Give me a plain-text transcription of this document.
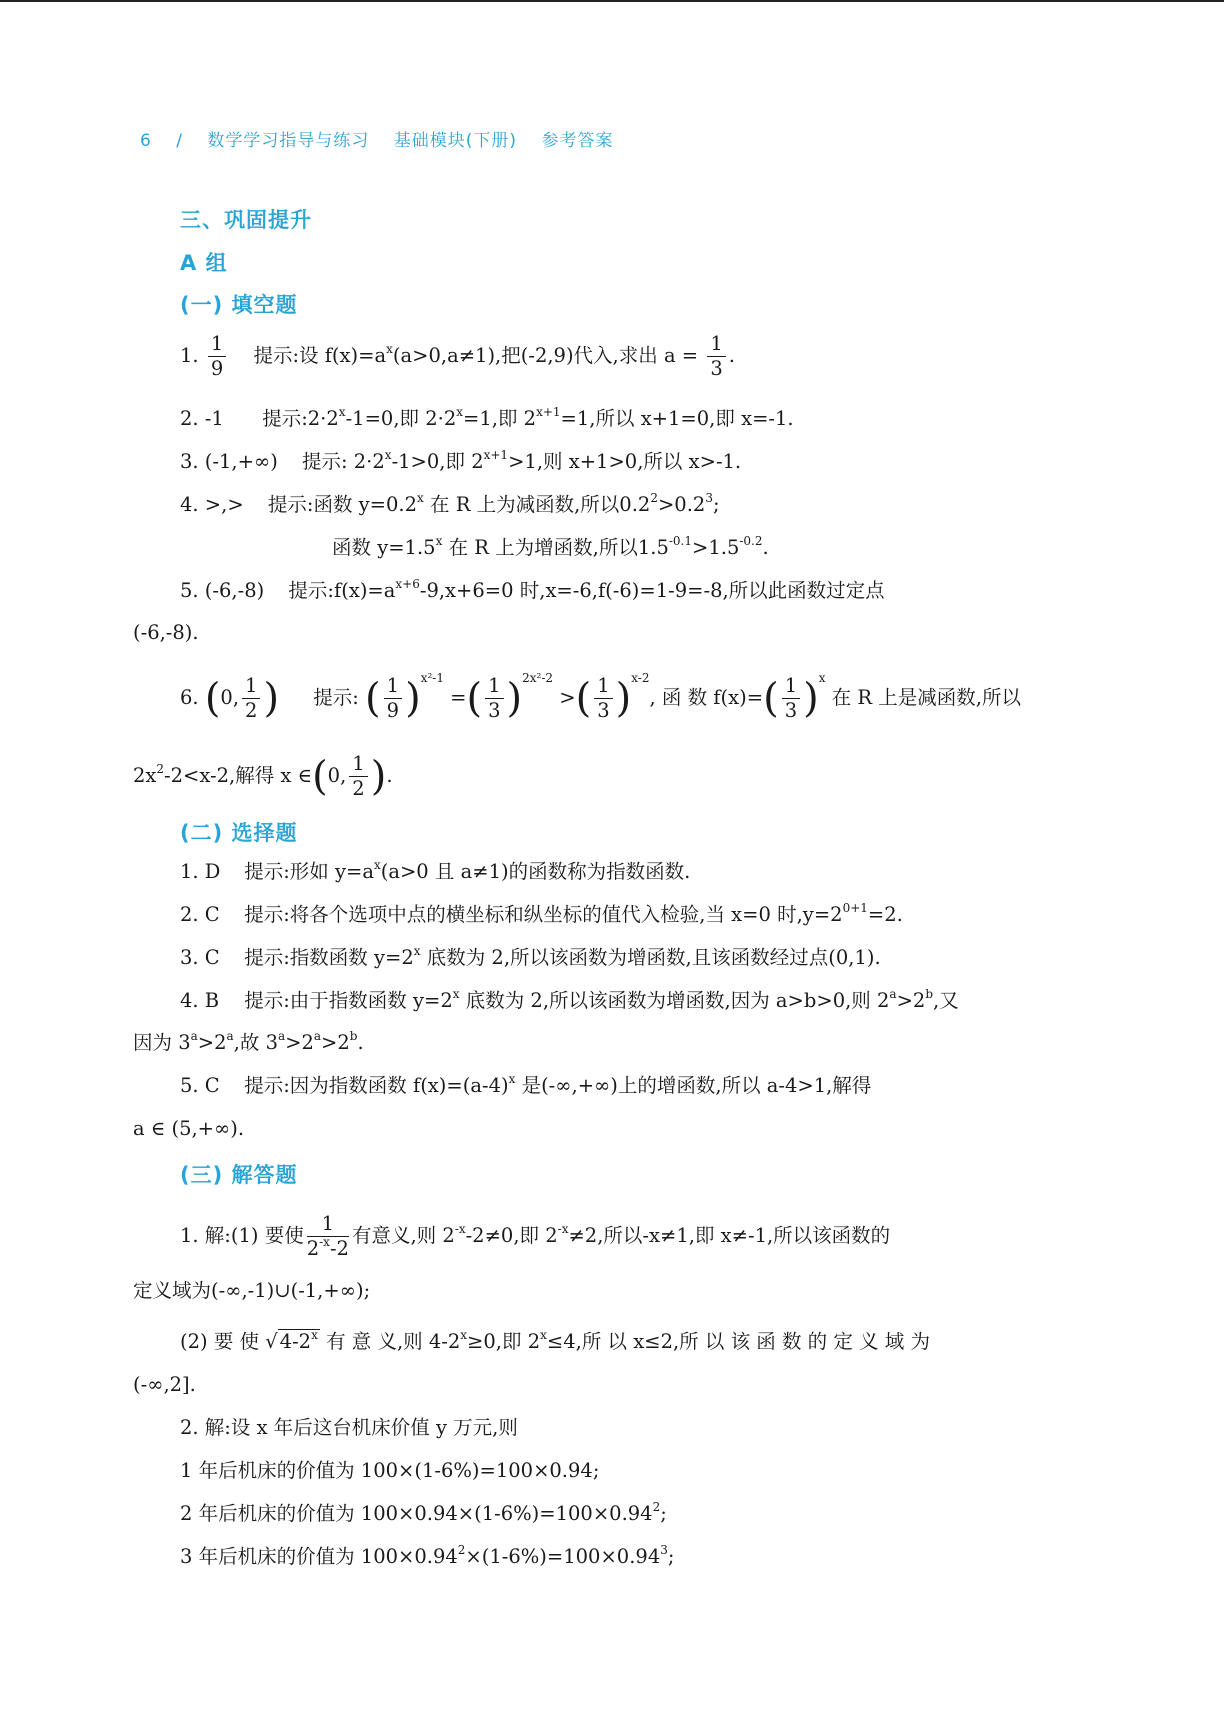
6 / 数学学习指导与练习 基础模块(下册) 参考答案
三、巩固提升
A 组
(一) 填空题
1. $\frac{1}{9}$ 提示:设 $f(x)=a^x(a>0,a\ne 1)$,把(-2,9)代入,求出 $a = \frac{1}{3}$ .
2. -1 提示$:2\cdot 2^x-1=0$,即 $2\cdot 2^x=1$,即 $2^{x+1}=1$,所以 x+1=0,即 x=-1.
3. (-1,+∞) 提示: $2\cdot 2^x-1>0$,即 $2^{x+1}>1$,则 x+1>0,所以 x>-1.
4. >,> 提示:函数 $y=0.2^x$ 在 R 上为减函数,所以$0.2^2>0.2^3$;
函数 $y=1.5^x$ 在 R 上为增函数,所以$1.5^{-0.1}>1.5^{-0.2}$.
5. (-6,-8) 提示$:f(x)=a^{x+6}-9,x+6=0$ 时,x=-6,f(-6)=1-9=-8,所以此函数过定点
(-6,-8).
6. (0, $\frac{1}{2}$ ) 提示: ( $\frac{1}{9} )^{x^2-1}$ =( $\frac{1}{3} )^{2x^2-2}$ >( $\frac{1}{3} )^{x-2}$, 函 数 $f(x)=( \frac{1}{3} )^x$ 在 R 上是减函数,所以
$2x^2-2<x-2$,解得 x ∈(0, $\frac{1}{2}$ ).
(二) 选择题
1. D 提示:形如 $y=a^x(a>0$ 且 a≠1)的函数称为指数函数.
2. C 提示:将各个选项中点的横坐标和纵坐标的值代入检验,当 x=0 时$,y=2^{0+1}=2$.
3. C 提示:指数函数 $y=2^x$ 底数为 2,所以该函数为增函数,且该函数经过点(0,1).
4. B 提示:由于指数函数 $y=2^x$ 底数为 2,所以该函数为增函数,因为 a>b>0,则 $2^a>2^b$,又
因为 $3^a>2^a$,故 $3^a>2^a>2^b$.
5. C 提示:因为指数函数 $f(x)=(a-4)^x$ 是(-∞,+∞)上的增函数,所以 a-4>1,解得
a ∈ (5,+∞).
(三) 解答题
1. 解:(1) 要使 $\frac{1}{2^{-x}-2}$ 有意义,则 $2^{-x}-2\ne 0$,即 $2^{-x}\ne 2$,所以-x≠1,即 x≠-1,所以该函数的
定义域为(-∞,-1)∪(-1,+∞);
(2) 要 使 √ 4-2$^x$ 有 意 义,则 $4-2^x\ge 0$,即 $2^x\le 4$,所 以 x≤2,所 以 该 函 数 的 定 义 域 为
(-∞,2].
2. 解:设 x 年后这台机床价值 y 万元,则
1 年后机床的价值为 100×(1-6%)=100×0.94;
2 年后机床的价值为 $100\times 0.94\times(1-6\%)=100\times 0.94^2$;
3 年后机床的价值为 $100\times 0.94^2\times(1-6\%)=100\times 0.94^3$;
